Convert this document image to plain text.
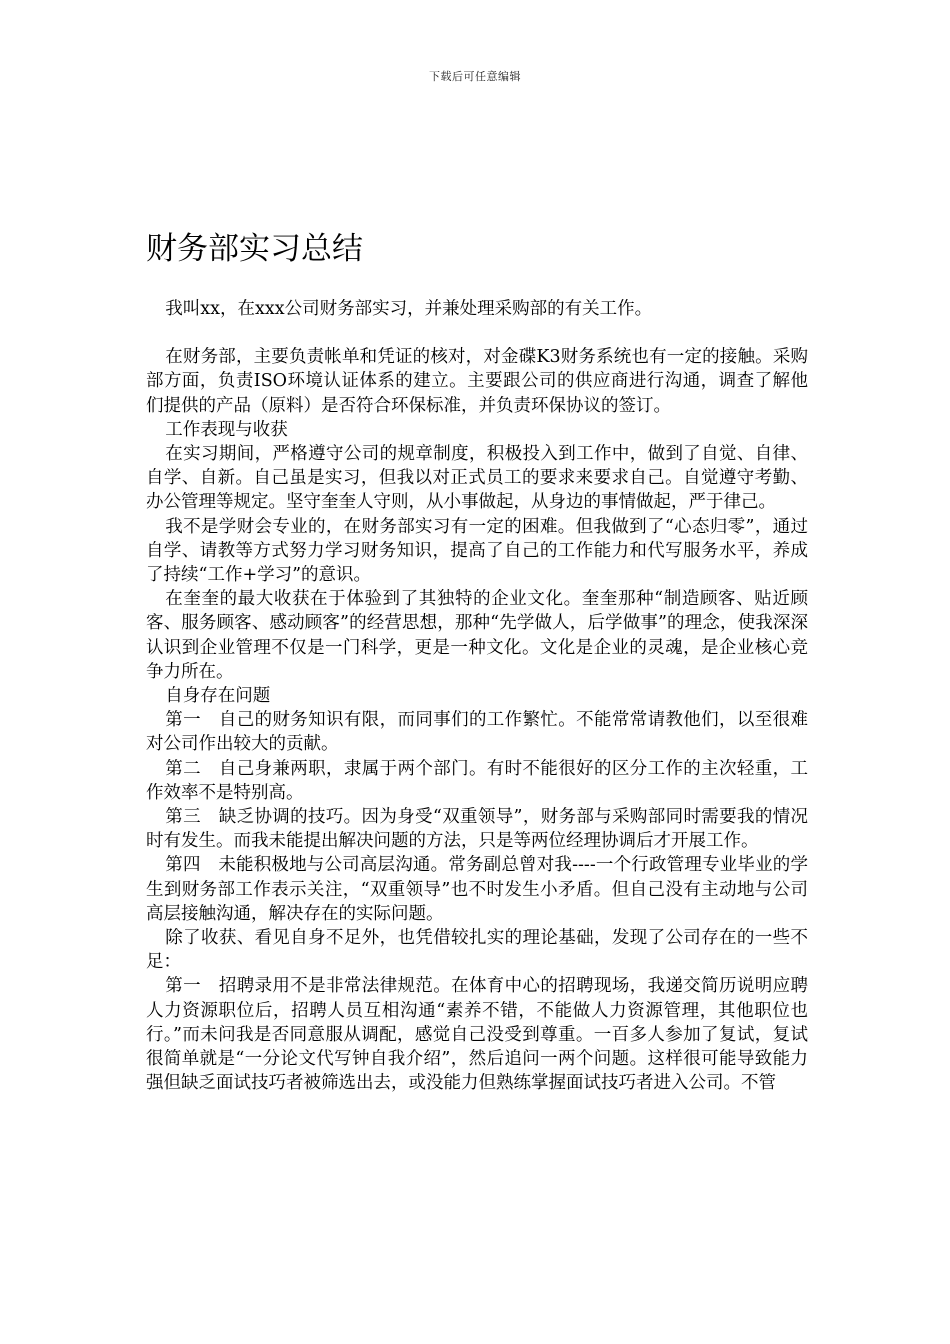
下载后可任意编辑
财务部实习总结

我叫xx，在xxx公司财务部实习，并兼处理采购部的有关工作。

在财务部，主要负责帐单和凭证的核对，对金碟K3财务系统也有一定的接触。采购部方面，负责ISO环境认证体系的建立。主要跟公司的供应商进行沟通，调查了解他们提供的产品（原料）是否符合环保标准，并负责环保协议的签订。

工作表现与收获

在实习期间，严格遵守公司的规章制度，积极投入到工作中，做到了自觉、自律、自学、自新。自己虽是实习，但我以对正式员工的要求来要求自己。自觉遵守考勤、办公管理等规定。坚守奎奎人守则，从小事做起，从身边的事情做起，严于律己。

我不是学财会专业的，在财务部实习有一定的困难。但我做到了“心态归零”，通过自学、请教等方式努力学习财务知识，提高了自己的工作能力和代写服务水平，养成了持续“工作+学习”的意识。

在奎奎的最大收获在于体验到了其独特的企业文化。奎奎那种“制造顾客、贴近顾客、服务顾客、感动顾客”的经营思想，那种“先学做人，后学做事”的理念，使我深深认识到企业管理不仅是一门科学，更是一种文化。文化是企业的灵魂，是企业核心竞争力所在。

自身存在问题

第一　自己的财务知识有限，而同事们的工作繁忙。不能常常请教他们，以至很难对公司作出较大的贡献。

第二　自己身兼两职，隶属于两个部门。有时不能很好的区分工作的主次轻重，工作效率不是特别高。

第三　缺乏协调的技巧。因为身受“双重领导”，财务部与采购部同时需要我的情况时有发生。而我未能提出解决问题的方法，只是等两位经理协调后才开展工作。

第四　未能积极地与公司高层沟通。常务副总曾对我----一个行政管理专业毕业的学生到财务部工作表示关注，“双重领导”也不时发生小矛盾。但自己没有主动地与公司高层接触沟通，解决存在的实际问题。

除了收获、看见自身不足外，也凭借较扎实的理论基础，发现了公司存在的一些不足：

第一　招聘录用不是非常法律规范。在体育中心的招聘现场，我递交简历说明应聘人力资源职位后，招聘人员互相沟通“素养不错，不能做人力资源管理，其他职位也行。”而未问我是否同意服从调配，感觉自己没受到尊重。一百多人参加了复试，复试很简单就是“一分论文代写钟自我介绍”，然后追问一两个问题。这样很可能导致能力强但缺乏面试技巧者被筛选出去，或没能力但熟练掌握面试技巧者进入公司。不管
